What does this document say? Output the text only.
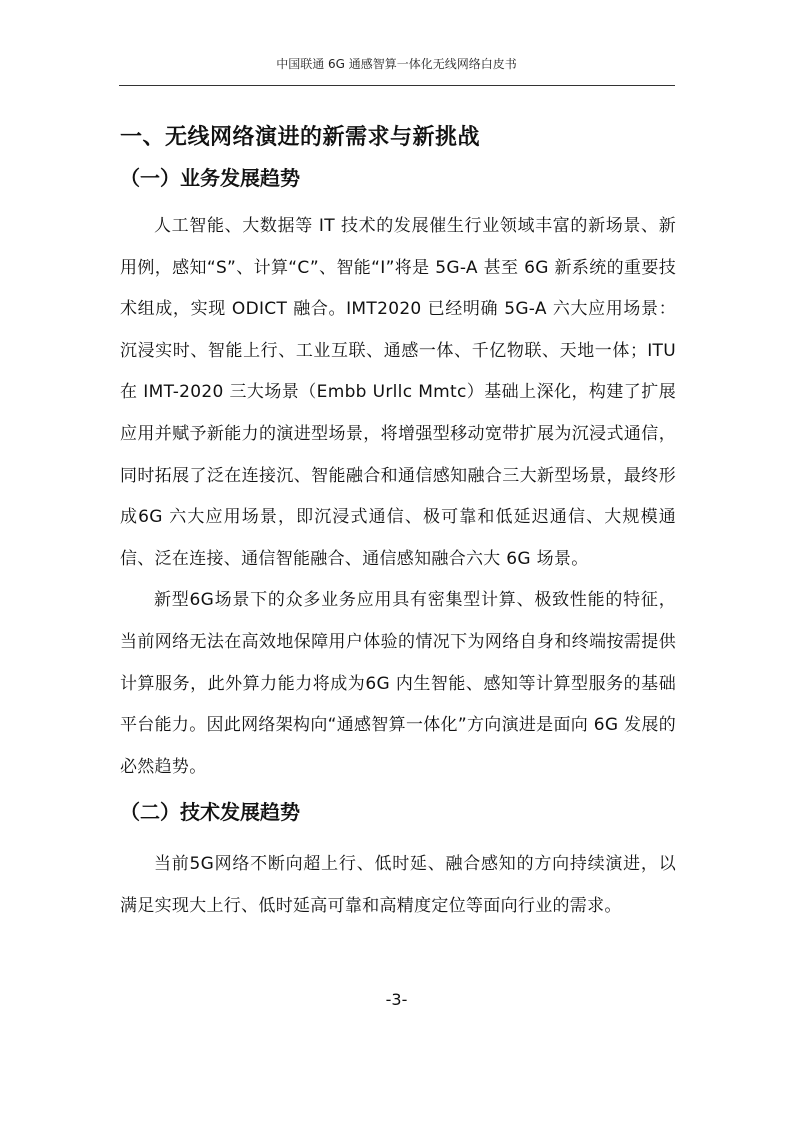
中国联通 6G 通感智算一体化无线网络白皮书
一、无线网络演进的新需求与新挑战
（一）业务发展趋势

人工智能、大数据等 IT 技术的发展催生行业领域丰富的新场景、新用例，感知“S”、计算“C”、智能“I”将是 5G-A 甚至 6G 新系统的重要技术组成，实现 ODICT 融合。IMT2020 已经明确 5G-A 六大应用场景：沉浸实时、智能上行、工业互联、通感一体、千亿物联、天地一体；ITU 在 IMT-2020 三大场景（Embb Urllc Mmtc）基础上深化，构建了扩展应用并赋予新能力的演进型场景，将增强型移动宽带扩展为沉浸式通信，同时拓展了泛在连接沉、智能融合和通信感知融合三大新型场景，最终形成6G 六大应用场景，即沉浸式通信、极可靠和低延迟通信、大规模通信、泛在连接、通信智能融合、通信感知融合六大 6G 场景。

新型6G场景下的众多业务应用具有密集型计算、极致性能的特征，当前网络无法在高效地保障用户体验的情况下为网络自身和终端按需提供计算服务，此外算力能力将成为6G 内生智能、感知等计算型服务的基础平台能力。因此网络架构向“通感智算一体化”方向演进是面向 6G 发展的必然趋势。

（二）技术发展趋势

当前5G网络不断向超上行、低时延、融合感知的方向持续演进，以满足实现大上行、低时延高可靠和高精度定位等面向行业的需求。

-3-
